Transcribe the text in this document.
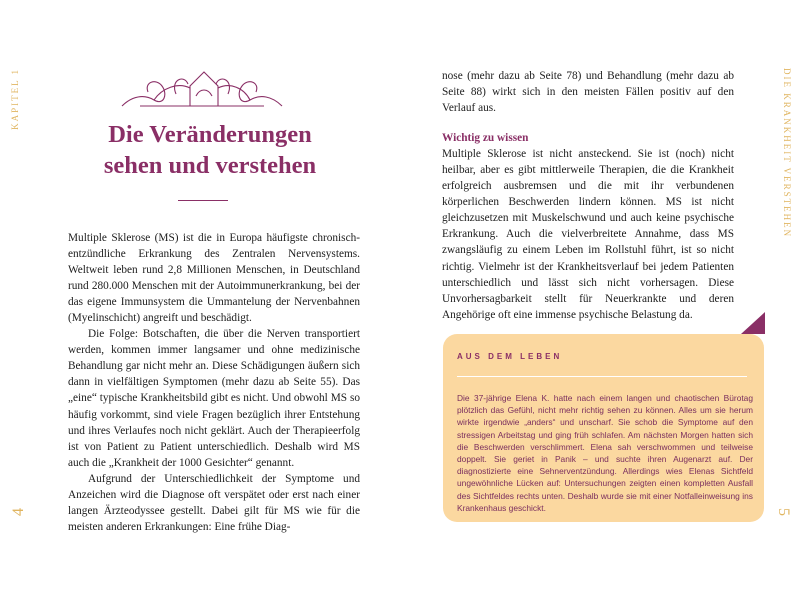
KAPITEL 1
Die Veränderungen
sehen und verstehen

Multiple Sklerose (MS) ist die in Europa häufigste chronisch-entzündliche Erkrankung des Zentralen Nervensystems. Weltweit leben rund 2,8 Millionen Menschen, in Deutschland rund 280.000 Menschen mit der Autoimmunerkrankung, bei der das eigene Immunsystem die Ummantelung der Nervenbahnen (Myelinschicht) angreift und beschädigt.

Die Folge: Botschaften, die über die Nerven transportiert werden, kommen immer langsamer und ohne medizinische Behandlung gar nicht mehr an. Diese Schädigungen äußern sich dann in vielfältigen Symptomen (mehr dazu ab Seite 55). Das „eine“ typische Krankheitsbild gibt es nicht. Und obwohl MS so häufig vorkommt, sind viele Fragen bezüglich ihrer Entstehung und ihres Verlaufes noch nicht geklärt. Auch der Therapieerfolg ist von Patient zu Patient unterschiedlich. Deshalb wird MS auch die „Krankheit der 1000 Gesichter“ genannt.

Aufgrund der Unterschiedlichkeit der Symptome und Anzeichen wird die Diagnose oft verspätet oder erst nach einer langen Ärzteodyssee gestellt. Dabei gilt für MS wie für die meisten anderen Erkrankungen: Eine frühe Diag-

4
DIE KRANKHEIT VERSTEHEN

nose (mehr dazu ab Seite 78) und Behandlung (mehr dazu ab Seite 88) wirkt sich in den meisten Fällen positiv auf den Verlauf aus.

Wichtig zu wissen

Multiple Sklerose ist nicht ansteckend. Sie ist (noch) nicht heilbar, aber es gibt mittlerweile Therapien, die die Krankheit erfolgreich ausbremsen und die mit ihr verbundenen körperlichen Beschwerden lindern können. MS ist nicht gleichzusetzen mit Muskelschwund und auch keine psychische Erkrankung. Auch die vielverbreitete Annahme, dass MS zwangsläufig zu einem Leben im Rollstuhl führt, ist so nicht richtig. Vielmehr ist der Krankheitsverlauf bei jedem Patienten unterschiedlich und lässt sich nicht vorhersagen. Diese Unvorhersagbarkeit stellt für Neuerkrankte und deren Angehörige oft eine immense psychische Belastung da.

AUS DEM LEBEN
Die 37-jährige Elena K. hatte nach einem langen und chaotischen Bürotag plötzlich das Gefühl, nicht mehr richtig sehen zu können. Alles um sie herum wirkte irgendwie „anders“ und unscharf. Sie schob die Symptome auf den stressigen Arbeitstag und ging früh schlafen. Am nächsten Morgen hatten sich die Beschwerden verschlimmert. Elena sah verschwommen und teilweise doppelt. Sie geriet in Panik – und suchte ihren Augenarzt auf. Der diagnostizierte eine Sehnerventzündung. Allerdings wies Elenas Sichtfeld ungewöhnliche Lücken auf: Untersuchungen zeigten einen kompletten Ausfall des Sichtfeldes rechts unten. Deshalb wurde sie mit einer Notfalleinweisung ins Krankenhaus geschickt.	5
